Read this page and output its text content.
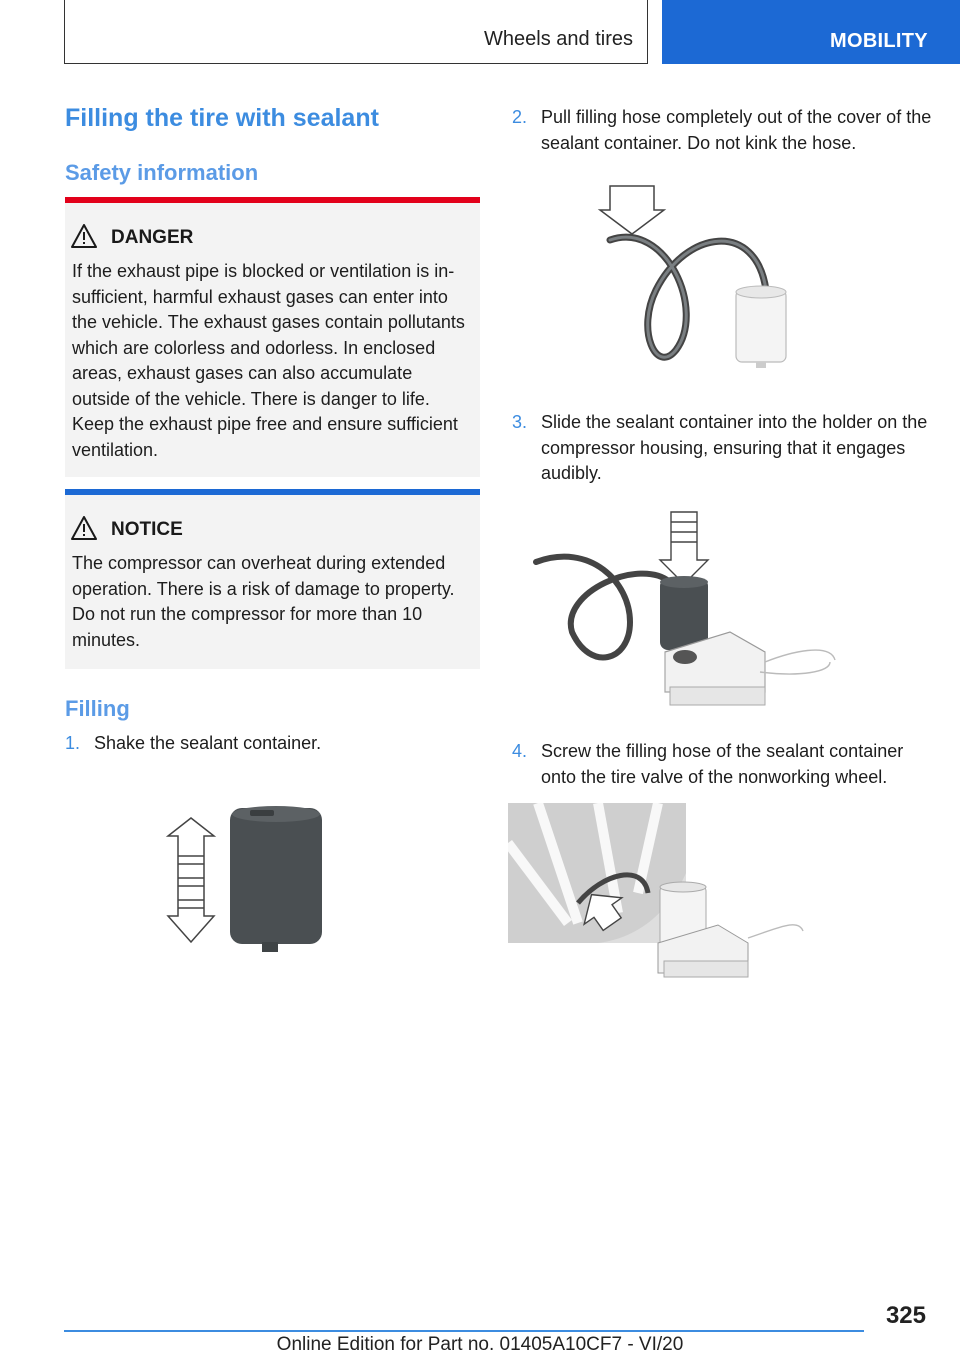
Wheels and tires	MOBILITY
Filling the tire with sealant
Safety information
DANGER

If the exhaust pipe is blocked or ventilation is insufficient, harmful exhaust gases can enter into the vehicle. The exhaust gases contain pollutants which are colorless and odorless. In enclosed areas, exhaust gases can also accumulate outside of the vehicle. There is danger to life. Keep the exhaust pipe free and ensure sufficient ventilation.

NOTICE

The compressor can overheat during extended operation. There is a risk of damage to property. Do not run the compressor for more than 10 minutes.

Filling
1. Shake the sealant container.
2. Pull filling hose completely out of the cover of the sealant container. Do not kink the hose.
3. Slide the sealant container into the holder on the compressor housing, ensuring that it engages audibly.
4. Screw the filling hose of the sealant container onto the tire valve of the nonworking wheel.
325
Online Edition for Part no. 01405A10CF7 - VI/20
